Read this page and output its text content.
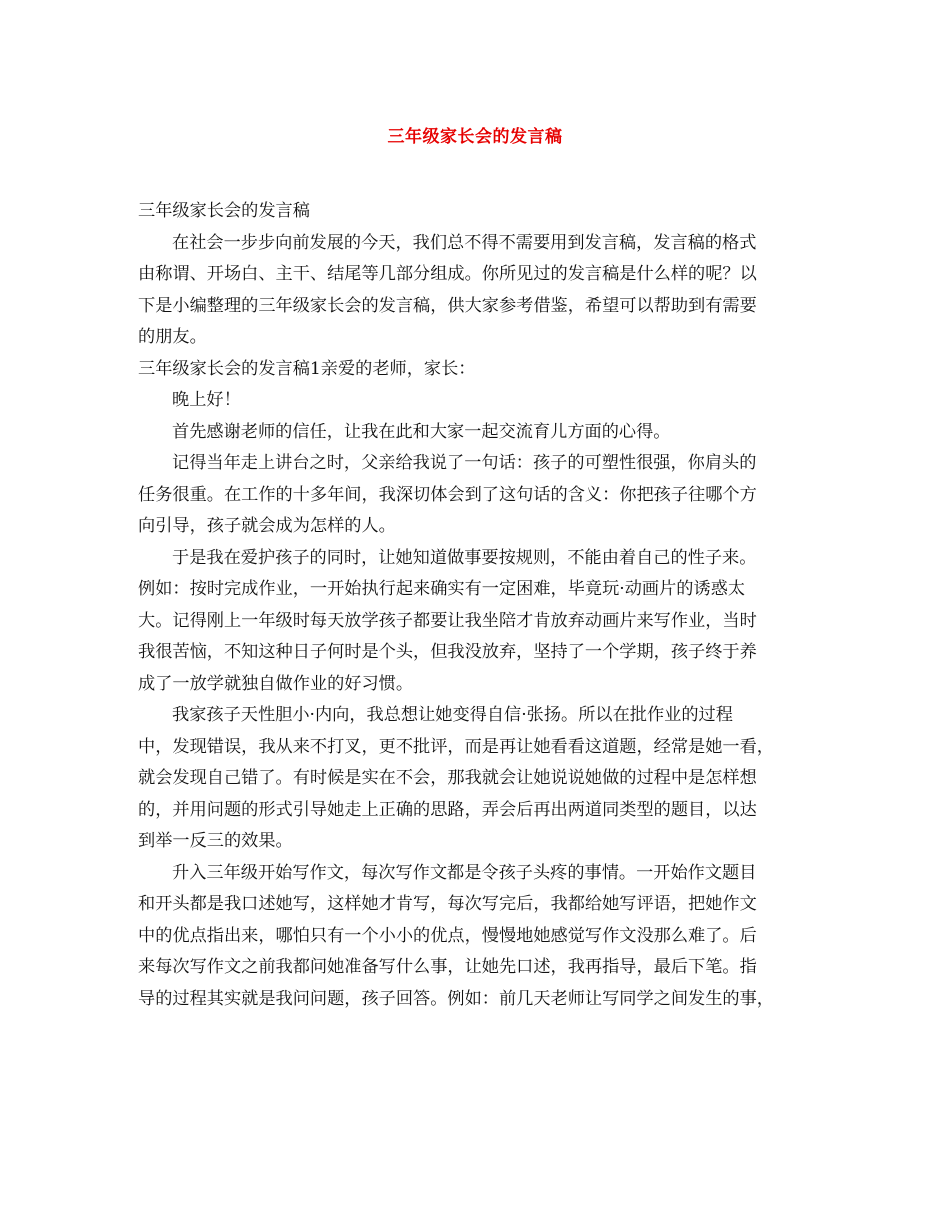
三年级家长会的发言稿
三年级家长会的发言稿
在社会一步步向前发展的今天，我们总不得不需要用到发言稿，发言稿的格式
由称谓、开场白、主干、结尾等几部分组成。你所见过的发言稿是什么样的呢？以
下是小编整理的三年级家长会的发言稿，供大家参考借鉴，希望可以帮助到有需要
的朋友。
三年级家长会的发言稿1亲爱的老师，家长：
晚上好！
首先感谢老师的信任，让我在此和大家一起交流育儿方面的心得。
记得当年走上讲台之时，父亲给我说了一句话：孩子的可塑性很强，你肩头的
任务很重。在工作的十多年间，我深切体会到了这句话的含义：你把孩子往哪个方
向引导，孩子就会成为怎样的人。
于是我在爱护孩子的同时，让她知道做事要按规则，不能由着自己的性子来。
例如：按时完成作业，一开始执行起来确实有一定困难，毕竟玩·动画片的诱惑太
大。记得刚上一年级时每天放学孩子都要让我坐陪才肯放弃动画片来写作业，当时
我很苦恼，不知这种日子何时是个头，但我没放弃，坚持了一个学期，孩子终于养
成了一放学就独自做作业的好习惯。
我家孩子天性胆小·内向，我总想让她变得自信·张扬。所以在批作业的过程
中，发现错误，我从来不打叉，更不批评，而是再让她看看这道题，经常是她一看，
就会发现自己错了。有时候是实在不会，那我就会让她说说她做的过程中是怎样想
的，并用问题的形式引导她走上正确的思路，弄会后再出两道同类型的题目，以达
到举一反三的效果。
升入三年级开始写作文，每次写作文都是令孩子头疼的事情。一开始作文题目
和开头都是我口述她写，这样她才肯写，每次写完后，我都给她写评语，把她作文
中的优点指出来，哪怕只有一个小小的优点，慢慢地她感觉写作文没那么难了。后
来每次写作文之前我都问她准备写什么事，让她先口述，我再指导，最后下笔。指
导的过程其实就是我问问题，孩子回答。例如：前几天老师让写同学之间发生的事，
